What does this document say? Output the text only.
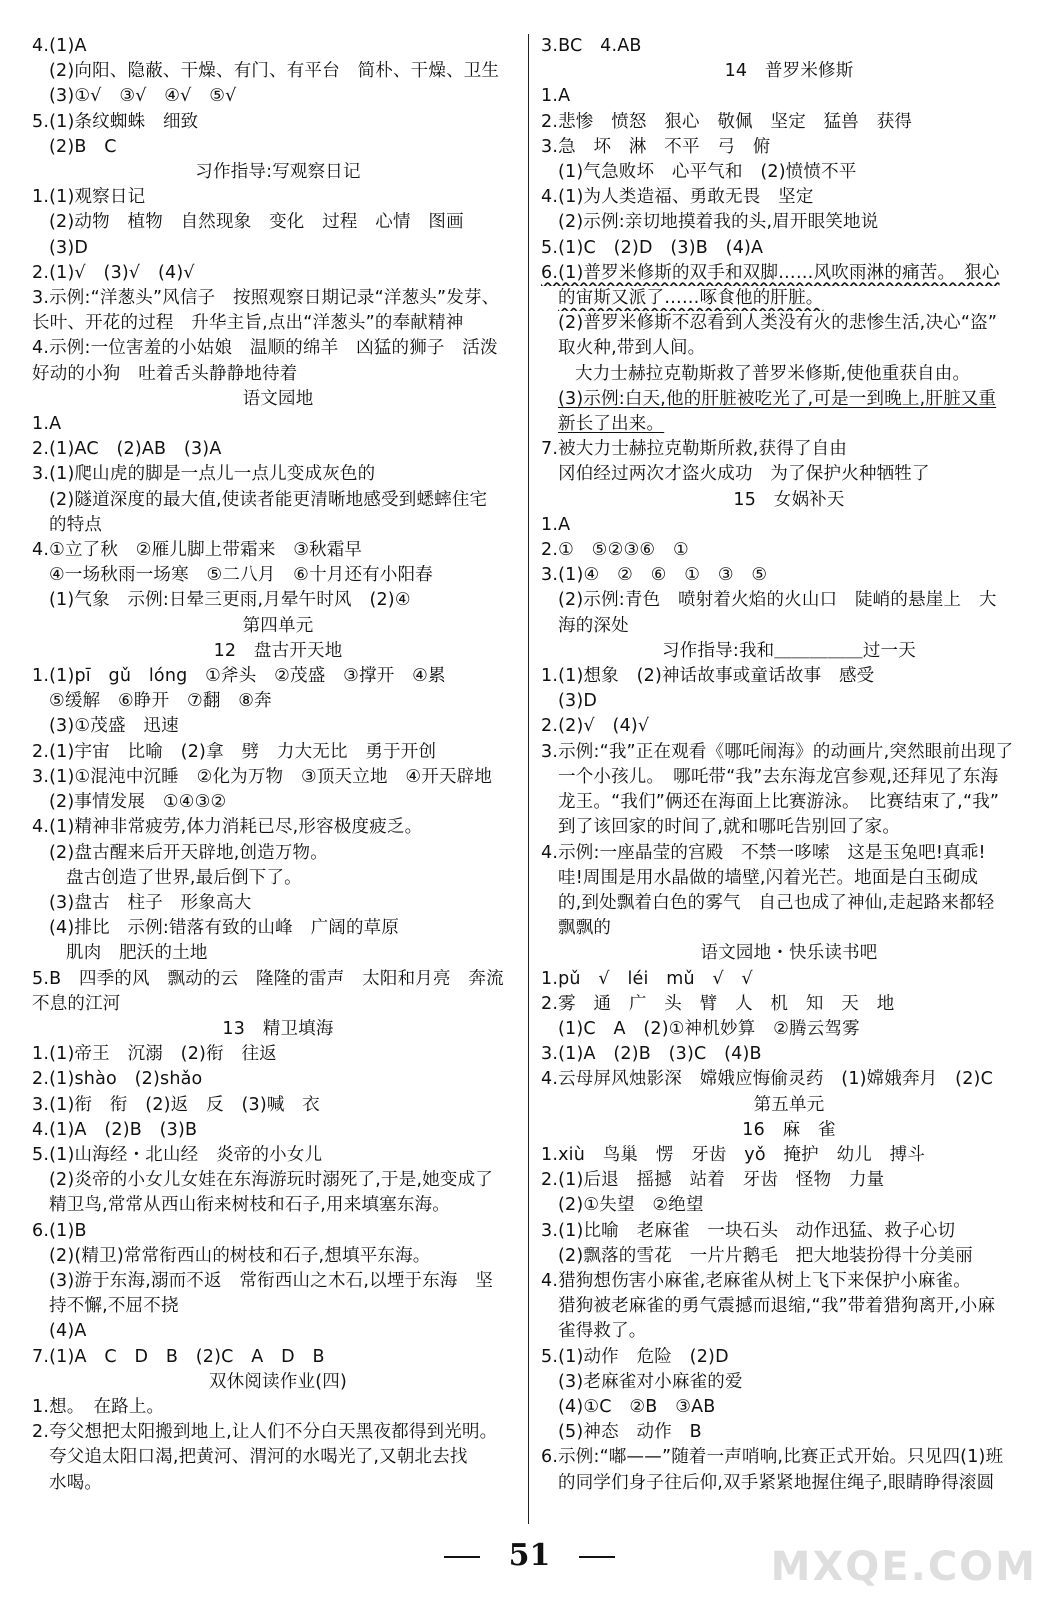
4.(1)A
(2)向阳、隐蔽、干燥、有门、有平台　简朴、干燥、卫生
(3)①√　③√　④√　⑤√
5.(1)条纹蜘蛛　细致
(2)B　C
习作指导:写观察日记
1.(1)观察日记
(2)动物　植物　自然现象　变化　过程　心情　图画
(3)D
2.(1)√　(3)√　(4)√
3.示例:“洋葱头”风信子　按照观察日期记录“洋葱头”发芽、
长叶、开花的过程　升华主旨,点出“洋葱头”的奉献精神
4.示例:一位害羞的小姑娘　温顺的绵羊　凶猛的狮子　活泼
好动的小狗　吐着舌头静静地待着
语文园地
1.A
2.(1)AC　(2)AB　(3)A
3.(1)爬山虎的脚是一点儿一点儿变成灰色的
(2)隧道深度的最大值,使读者能更清晰地感受到蟋蟀住宅
的特点
4.①立了秋　②雁儿脚上带霜来　③秋霜早
④一场秋雨一场寒　⑤二八月　⑥十月还有小阳春
(1)气象　示例:日晕三更雨,月晕午时风　(2)④
第四单元
12　盘古开天地
1.(1)pī　gǔ　lóng　①斧头　②茂盛　③撑开　④累
⑤缓解　⑥睁开　⑦翻　⑧奔
(3)①茂盛　迅速
2.(1)宇宙　比喻　(2)拿　劈　力大无比　勇于开创
3.(1)①混沌中沉睡　②化为万物　③顶天立地　④开天辟地
(2)事情发展　①④③②
4.(1)精神非常疲劳,体力消耗已尽,形容极度疲乏。
(2)盘古醒来后开天辟地,创造万物。
盘古创造了世界,最后倒下了。
(3)盘古　柱子　形象高大
(4)排比　示例:错落有致的山峰　广阔的草原
肌肉　肥沃的土地
5.B　四季的风　飘动的云　隆隆的雷声　太阳和月亮　奔流
不息的江河
13　精卫填海
1.(1)帝王　沉溺　(2)衔　往返
2.(1)shào　(2)shǎo
3.(1)衔　衔　(2)返　反　(3)喊　衣
4.(1)A　(2)B　(3)B
5.(1)山海经・北山经　炎帝的小女儿
(2)炎帝的小女儿女娃在东海游玩时溺死了,于是,她变成了
精卫鸟,常常从西山衔来树枝和石子,用来填塞东海。
6.(1)B
(2)(精卫)常常衔西山的树枝和石子,想填平东海。
(3)游于东海,溺而不返　常衔西山之木石,以堙于东海　坚
持不懈,不屈不挠
(4)A
7.(1)A　C　D　B　(2)C　A　D　B
双休阅读作业(四)
1.想。　在路上。
2.夸父想把太阳搬到地上,让人们不分白天黑夜都得到光明。
夸父追太阳口渴,把黄河、渭河的水喝光了,又朝北去找
水喝。
3.BC　4.AB
14　普罗米修斯
1.A
2.悲惨　愤怒　狠心　敬佩　坚定　猛兽　获得
3.急　坏　淋　不平　弓　俯
(1)气急败坏　心平气和　(2)愤愤不平
4.(1)为人类造福、勇敢无畏　坚定
(2)示例:亲切地摸着我的头,眉开眼笑地说
5.(1)C　(2)D　(3)B　(4)A
6.(1)普罗米修斯的双手和双脚……风吹雨淋的痛苦。　狠心
的宙斯又派了……啄食他的肝脏。
(2)普罗米修斯不忍看到人类没有火的悲惨生活,决心“盗”
取火种,带到人间。
大力士赫拉克勒斯救了普罗米修斯,使他重获自由。
(3)示例:白天,他的肝脏被吃光了,可是一到晚上,肝脏又重
新长了出来。
7.被大力士赫拉克勒斯所救,获得了自由
冈伯经过两次才盗火成功　为了保护火种牺牲了
15　女娲补天
1.A
2.①　⑤②③⑥　①
3.(1)④　②　⑥　①　③　⑤
(2)示例:青色　喷射着火焰的火山口　陡峭的悬崖上　大
海的深处
习作指导:我和＿＿＿＿＿过一天
1.(1)想象　(2)神话故事或童话故事　感受
(3)D
2.(2)√　(4)√
3.示例:“我”正在观看《哪吒闹海》的动画片,突然眼前出现了
一个小孩儿。　哪吒带“我”去东海龙宫参观,还拜见了东海
龙王。“我们”俩还在海面上比赛游泳。　比赛结束了,“我”
到了该回家的时间了,就和哪吒告别回了家。
4.示例:一座晶莹的宫殿　不禁一哆嗦　这是玉兔吧!真乖!
哇!周围是用水晶做的墙壁,闪着光芒。地面是白玉砌成
的,到处飘着白色的雾气　自己也成了神仙,走起路来都轻
飘飘的
语文园地・快乐读书吧
1.pǔ　√　léi　mǔ　√　√
2.雾　通　广　头　臂　人　机　知　天　地
(1)C　A　(2)①神机妙算　②腾云驾雾
3.(1)A　(2)B　(3)C　(4)B
4.云母屏风烛影深　嫦娥应悔偷灵药　(1)嫦娥奔月　(2)C
第五单元
16　麻　雀
1.xiù　鸟巢　愣　牙齿　yǒ　掩护　幼儿　搏斗
2.(1)后退　摇撼　站着　牙齿　怪物　力量
(2)①失望　②绝望
3.(1)比喻　老麻雀　一块石头　动作迅猛、救子心切
(2)飘落的雪花　一片片鹅毛　把大地装扮得十分美丽
4.猎狗想伤害小麻雀,老麻雀从树上飞下来保护小麻雀。
猎狗被老麻雀的勇气震撼而退缩,“我”带着猎狗离开,小麻
雀得救了。
5.(1)动作　危险　(2)D
(3)老麻雀对小麻雀的爱
(4)①C　②B　③AB
(5)神态　动作　B
6.示例:“嘟——”随着一声哨响,比赛正式开始。只见四(1)班
的同学们身子往后仰,双手紧紧地握住绳子,眼睛睁得滚圆
51	MXQE.COM
